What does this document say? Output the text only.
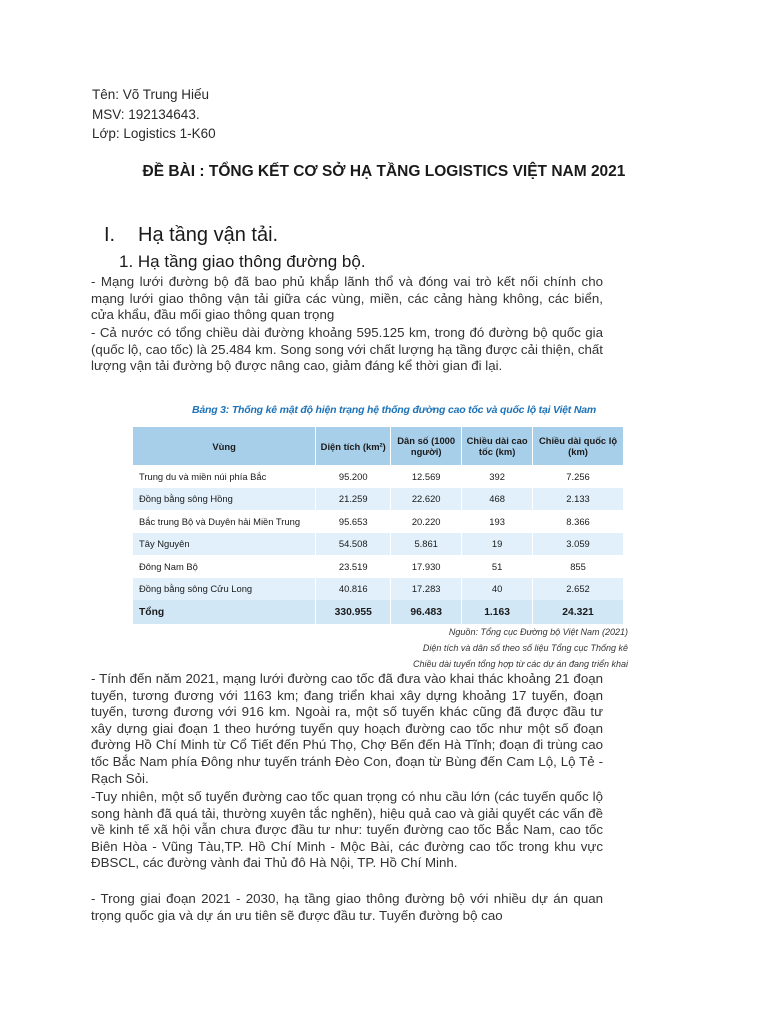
Tên: Võ Trung Hiếu
MSV: 192134643.
Lớp: Logistics 1-K60
ĐỀ BÀI : TỔNG KẾT CƠ SỞ HẠ TẦNG LOGISTICS VIỆT NAM 2021
I. Hạ tầng vận tải.
1. Hạ tầng giao thông đường bộ.
- Mạng lưới đường bộ đã bao phủ khắp lãnh thổ và đóng vai trò kết nối chính cho mạng lưới giao thông vận tải giữa các vùng, miền, các cảng hàng không, các biển, cửa khẩu, đầu mối giao thông quan trọng
- Cả nước có tổng chiều dài đường khoảng 595.125 km, trong đó đường bộ quốc gia (quốc lộ, cao tốc) là 25.484 km. Song song với chất lượng hạ tầng được cải thiện, chất lượng vận tải đường bộ được nâng cao, giảm đáng kể thời gian đi lại.
Bảng 3: Thống kê mật độ hiện trạng hệ thống đường cao tốc và quốc lộ tại Việt Nam
Vùng	Diện tích (km²)	Dân số (1000 người)	Chiều dài cao tốc (km)	Chiều dài quốc lộ (km)
Trung du và miền núi phía Bắc	95.200	12.569	392	7.256
Đồng bằng sông Hồng	21.259	22.620	468	2.133
Bắc trung Bộ và Duyên hải Miền Trung	95.653	20.220	193	8.366
Tây Nguyên	54.508	5.861	19	3.059
Đông Nam Bộ	23.519	17.930	51	855
Đồng bằng sông Cửu Long	40.816	17.283	40	2.652
Tổng	330.955	96.483	1.163	24.321
Nguồn: Tổng cục Đường bộ Việt Nam (2021)
Diện tích và dân số theo số liệu Tổng cục Thống kê
Chiều dài tuyến tổng hợp từ các dự án đang triển khai
- Tính đến năm 2021, mạng lưới đường cao tốc đã đưa vào khai thác khoảng 21 đoạn tuyến, tương đương với 1163 km; đang triển khai xây dựng khoảng 17 tuyến, đoạn tuyến, tương đương với 916 km. Ngoài ra, một số tuyến khác cũng đã được đầu tư xây dựng giai đoạn 1 theo hướng tuyến quy hoạch đường cao tốc như một số đoạn đường Hồ Chí Minh từ Cổ Tiết đến Phú Thọ, Chợ Bến đến Hà Tĩnh; đoạn đi trùng cao tốc Bắc Nam phía Đông như tuyến tránh Đèo Con, đoạn từ Bùng đến Cam Lộ, Lộ Tẻ - Rạch Sỏi.
-Tuy nhiên, một số tuyến đường cao tốc quan trọng có nhu cầu lớn (các tuyến quốc lộ song hành đã quá tải, thường xuyên tắc nghẽn), hiệu quả cao và giải quyết các vấn đề về kinh tế xã hội vẫn chưa được đầu tư như: tuyến đường cao tốc Bắc Nam, cao tốc Biên Hòa - Vũng Tàu,TP. Hồ Chí Minh - Mộc Bài, các đường cao tốc trong khu vực ĐBSCL, các đường vành đai Thủ đô Hà Nội, TP. Hồ Chí Minh.
- Trong giai đoạn 2021 - 2030, hạ tầng giao thông đường bộ với nhiều dự án quan trọng quốc gia và dự án ưu tiên sẽ được đầu tư. Tuyến đường bộ cao
